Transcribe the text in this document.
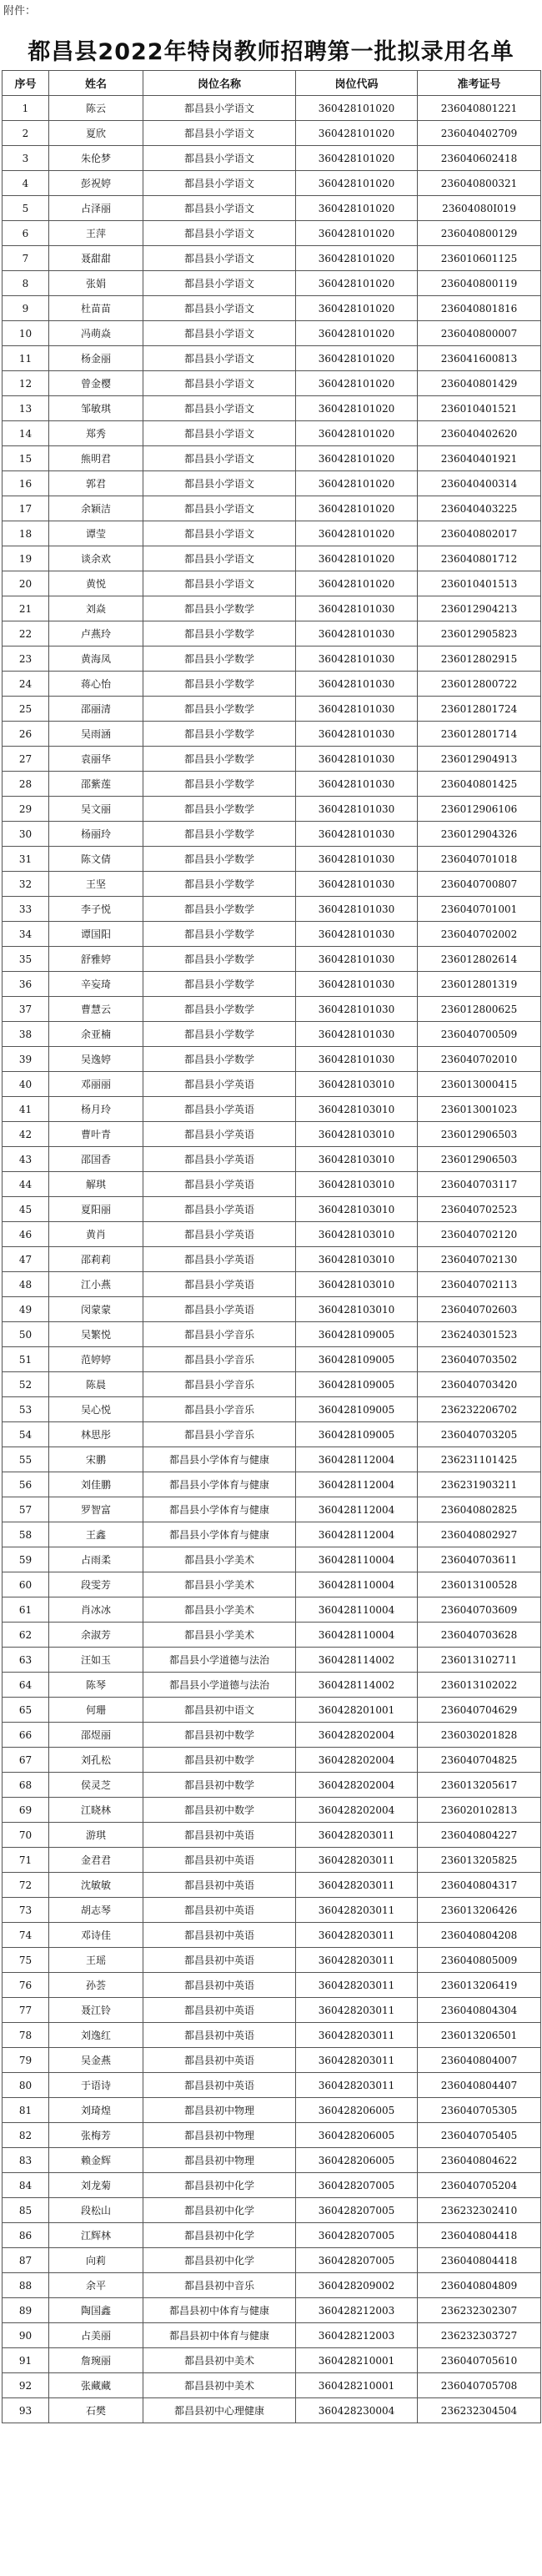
附件：
都昌县2022年特岗教师招聘第一批拟录用名单
序号	姓名	岗位名称	岗位代码	准考证号
1	陈云	都昌县小学语文	360428101020	236040801221
2	夏欣	都昌县小学语文	360428101020	236040402709
3	朱伦梦	都昌县小学语文	360428101020	236040602418
4	彭祝婷	都昌县小学语文	360428101020	236040800321
5	占泽丽	都昌县小学语文	360428101020	23604080I019
6	王萍	都昌县小学语文	360428101020	236040800129
7	聂甜甜	都昌县小学语文	360428101020	236010601125
8	张娟	都昌县小学语文	360428101020	236040800119
9	杜苗苗	都昌县小学语文	360428101020	236040801816
10	冯萌焱	都昌县小学语文	360428101020	236040800007
11	杨金丽	都昌县小学语文	360428101020	236041600813
12	曾金樱	都昌县小学语文	360428101020	236040801429
13	邹敏琪	都昌县小学语文	360428101020	236010401521
14	郑秀	都昌县小学语文	360428101020	236040402620
15	熊明君	都昌县小学语文	360428101020	236040401921
16	郭君	都昌县小学语文	360428101020	236040400314
17	余颖洁	都昌县小学语文	360428101020	236040403225
18	谭莹	都昌县小学语文	360428101020	236040802017
19	谈余欢	都昌县小学语文	360428101020	236040801712
20	黄悦	都昌县小学语文	360428101020	236010401513
21	刘焱	都昌县小学数学	360428101030	236012904213
22	卢燕玲	都昌县小学数学	360428101030	236012905823
23	黄海凤	都昌县小学数学	360428101030	236012802915
24	蒋心怡	都昌县小学数学	360428101030	236012800722
25	邵丽清	都昌县小学数学	360428101030	236012801724
26	吴雨涵	都昌县小学数学	360428101030	236012801714
27	袁丽华	都昌县小学数学	360428101030	236012904913
28	邵紫莲	都昌县小学数学	360428101030	236040801425
29	吴文丽	都昌县小学数学	360428101030	236012906106
30	杨丽玲	都昌县小学数学	360428101030	236012904326
31	陈文倩	都昌县小学数学	360428101030	236040701018
32	王坚	都昌县小学数学	360428101030	236040700807
33	李子悦	都昌县小学数学	360428101030	236040701001
34	谭国阳	都昌县小学数学	360428101030	236040702002
35	舒雅婷	都昌县小学数学	360428101030	236012802614
36	辛妄琦	都昌县小学数学	360428101030	236012801319
37	曹慧云	都昌县小学数学	360428101030	236012800625
38	余亚楠	都昌县小学数学	360428101030	236040700509
39	吴逸婷	都昌县小学数学	360428101030	236040702010
40	邓丽丽	都昌县小学英语	360428103010	236013000415
41	杨月玲	都昌县小学英语	360428103010	236013001023
42	曹叶青	都昌县小学英语	360428103010	236012906503
43	邵国香	都昌县小学英语	360428103010	236012906503
44	解琪	都昌县小学英语	360428103010	236040703117
45	夏阳丽	都昌县小学英语	360428103010	236040702523
46	黄肖	都昌县小学英语	360428103010	236040702120
47	邵莉莉	都昌县小学英语	360428103010	236040702130
48	江小燕	都昌县小学英语	360428103010	236040702113
49	闵蒙蒙	都昌县小学英语	360428103010	236040702603
50	吴繁悦	都昌县小学音乐	360428109005	236240301523
51	范婷婷	都昌县小学音乐	360428109005	236040703502
52	陈晨	都昌县小学音乐	360428109005	236040703420
53	吴心悦	都昌县小学音乐	360428109005	236232206702
54	林思彤	都昌县小学音乐	360428109005	236040703205
55	宋鹏	都昌县小学体育与健康	360428112004	236231101425
56	刘佳鹏	都昌县小学体育与健康	360428112004	236231903211
57	罗智富	都昌县小学体育与健康	360428112004	236040802825
58	王鑫	都昌县小学体育与健康	360428112004	236040802927
59	占雨柔	都昌县小学美术	360428110004	236040703611
60	段雯芳	都昌县小学美术	360428110004	236013100528
61	肖冰冰	都昌县小学美术	360428110004	236040703609
62	余淑芳	都昌县小学美术	360428110004	236040703628
63	汪如玉	都昌县小学道德与法治	360428114002	236013102711
64	陈琴	都昌县小学道德与法治	360428114002	236013102022
65	何珊	都昌县初中语文	360428201001	236040704629
66	邵煜丽	都昌县初中数学	360428202004	236030201828
67	刘孔松	都昌县初中数学	360428202004	236040704825
68	侯灵芝	都昌县初中数学	360428202004	236013205617
69	江晓林	都昌县初中数学	360428202004	236020102813
70	游琪	都昌县初中英语	360428203011	236040804227
71	金君君	都昌县初中英语	360428203011	236013205825
72	沈敏敏	都昌县初中英语	360428203011	236040804317
73	胡志琴	都昌县初中英语	360428203011	236013206426
74	邓诗佳	都昌县初中英语	360428203011	236040804208
75	王瑶	都昌县初中英语	360428203011	236040805009
76	孙荟	都昌县初中英语	360428203011	236013206419
77	聂江铃	都昌县初中英语	360428203011	236040804304
78	刘逸红	都昌县初中英语	360428203011	236013206501
79	吴金燕	都昌县初中英语	360428203011	236040804007
80	于语诗	都昌县初中英语	360428203011	236040804407
81	刘琦煌	都昌县初中物理	360428206005	236040705305
82	张梅芳	都昌县初中物理	360428206005	236040705405
83	赖金辉	都昌县初中物理	360428206005	236040804622
84	刘龙菊	都昌县初中化学	360428207005	236040705204
85	段松山	都昌县初中化学	360428207005	236232302410
86	江辉林	都昌县初中化学	360428207005	236040804418
87	向莉	都昌县初中化学	360428207005	236040804418
88	余平	都昌县初中音乐	360428209002	236040804809
89	陶国鑫	都昌县初中体育与健康	360428212003	236232302307
90	占美丽	都昌县初中体育与健康	360428212003	236232303727
91	詹琬丽	都昌县初中美术	360428210001	236040705610
92	张藏藏	都昌县初中美术	360428210001	236040705708
93	石樊	都昌县初中心理健康	360428230004	236232304504
